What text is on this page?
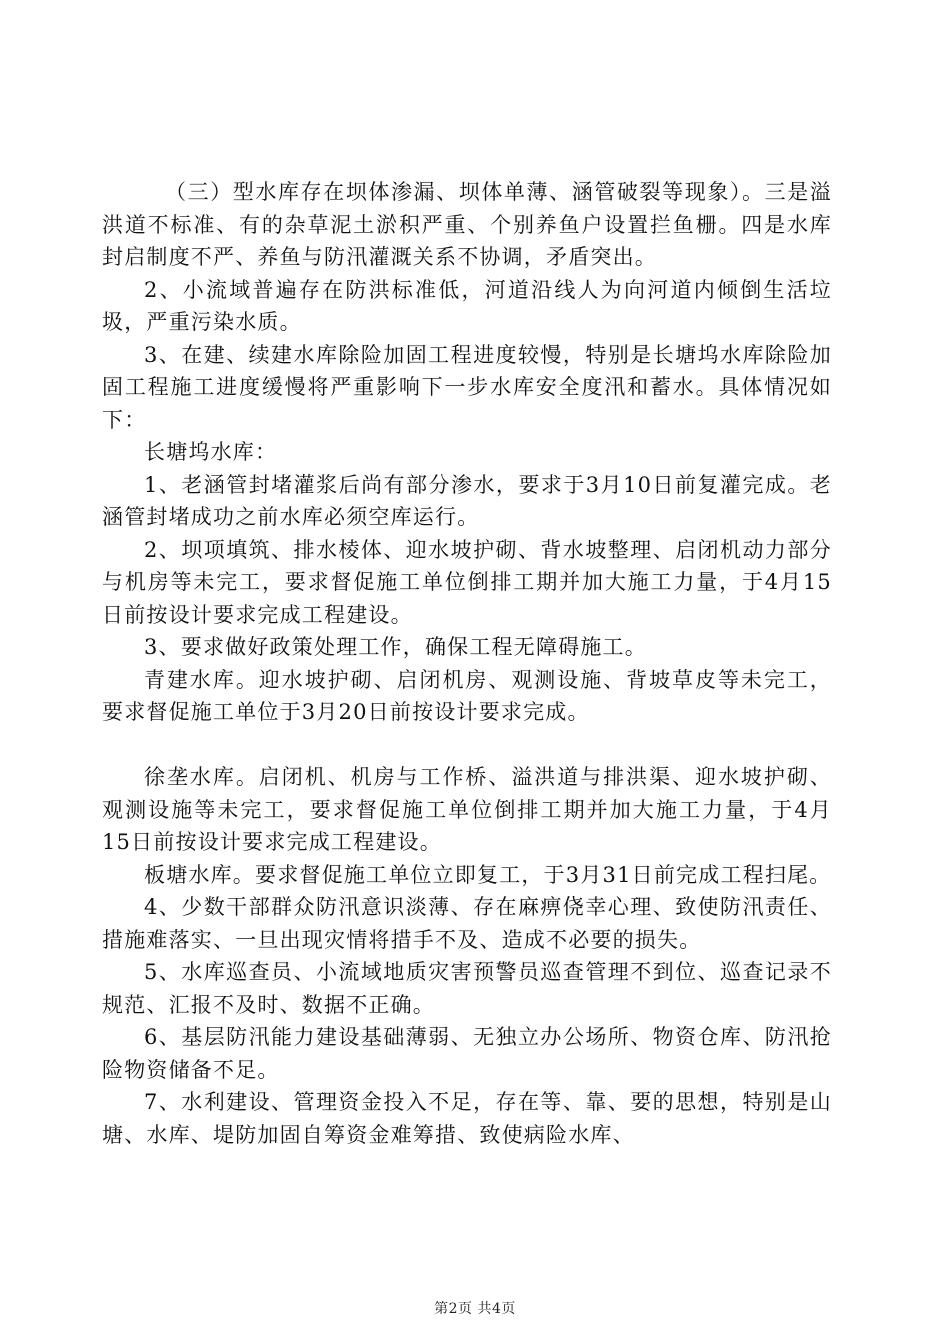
（三）型水库存在坝体渗漏、坝体单薄、涵管破裂等现象）。三是溢洪道不标准、有的杂草泥土淤积严重、个别养鱼户设置拦鱼栅。四是水库封启制度不严、养鱼与防汛灌溉关系不协调，矛盾突出。

2、小流域普遍存在防洪标准低，河道沿线人为向河道内倾倒生活垃圾，严重污染水质。

3、在建、续建水库除险加固工程进度较慢，特别是长塘坞水库除险加固工程施工进度缓慢将严重影响下一步水库安全度汛和蓄水。具体情况如下：

长塘坞水库：

1、老涵管封堵灌浆后尚有部分渗水，要求于3月10日前复灌完成。老涵管封堵成功之前水库必须空库运行。

2、坝项填筑、排水棱体、迎水坡护砌、背水坡整理、启闭机动力部分与机房等未完工，要求督促施工单位倒排工期并加大施工力量，于4月15日前按设计要求完成工程建设。

3、要求做好政策处理工作，确保工程无障碍施工。

青建水库。迎水坡护砌、启闭机房、观测设施、背坡草皮等未完工，要求督促施工单位于3月20日前按设计要求完成。

徐垄水库。启闭机、机房与工作桥、溢洪道与排洪渠、迎水坡护砌、观测设施等未完工，要求督促施工单位倒排工期并加大施工力量，于4月15日前按设计要求完成工程建设。

板塘水库。要求督促施工单位立即复工，于3月31日前完成工程扫尾。

4、少数干部群众防汛意识淡薄、存在麻痹侥幸心理、致使防汛责任、措施难落实、一旦出现灾情将措手不及、造成不必要的损失。

5、水库巡查员、小流域地质灾害预警员巡查管理不到位、巡查记录不规范、汇报不及时、数据不正确。

6、基层防汛能力建设基础薄弱、无独立办公场所、物资仓库、防汛抢险物资储备不足。

7、水利建设、管理资金投入不足，存在等、靠、要的思想，特别是山塘、水库、堤防加固自筹资金难筹措、致使病险水库、

第2页 共4页
